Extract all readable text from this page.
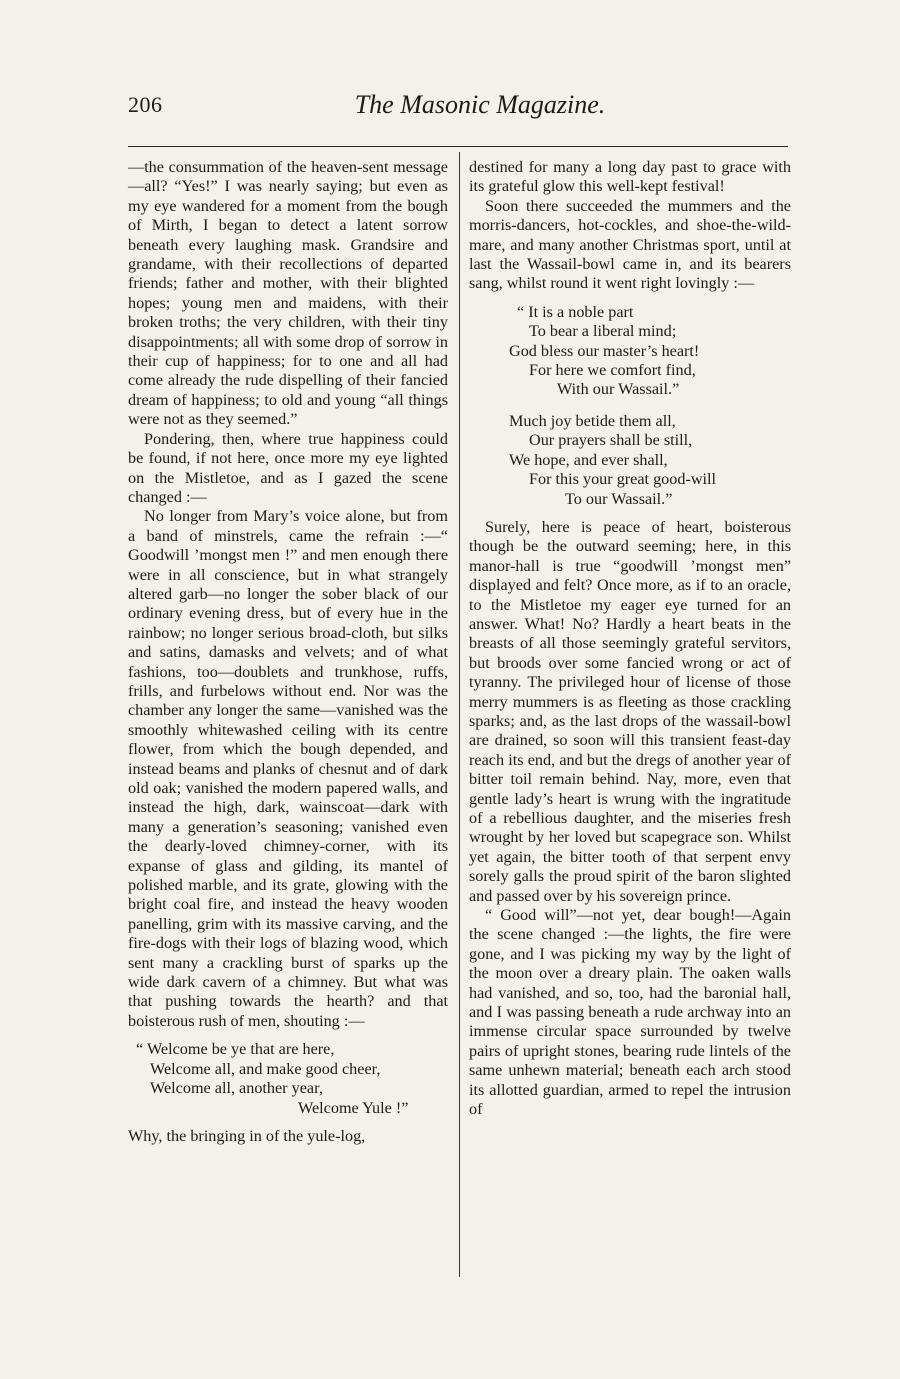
206	The Masonic Magazine.

—the consummation of the heaven-sent message—all? “Yes!” I was nearly saying; but even as my eye wandered for a moment from the bough of Mirth, I began to detect a latent sorrow beneath every laughing mask. Grandsire and grandame, with their recollections of departed friends; father and mother, with their blighted hopes; young men and maidens, with their broken troths; the very children, with their tiny disappointments; all with some drop of sorrow in their cup of happiness; for to one and all had come already the rude dispelling of their fancied dream of happiness; to old and young “all things were not as they seemed.”

Pondering, then, where true happiness could be found, if not here, once more my eye lighted on the Mistletoe, and as I gazed the scene changed :—

No longer from Mary’s voice alone, but from a band of minstrels, came the refrain :—“ Goodwill ’mongst men !” and men enough there were in all conscience, but in what strangely altered garb—no longer the sober black of our ordinary evening dress, but of every hue in the rainbow; no longer serious broad-cloth, but silks and satins, damasks and velvets; and of what fashions, too—doublets and trunkhose, ruffs, frills, and furbelows without end. Nor was the chamber any longer the same—vanished was the smoothly whitewashed ceiling with its centre flower, from which the bough depended, and instead beams and planks of chesnut and of dark old oak; vanished the modern papered walls, and instead the high, dark, wainscoat—dark with many a generation’s seasoning; vanished even the dearly-loved chimney-corner, with its expanse of glass and gilding, its mantel of polished marble, and its grate, glowing with the bright coal fire, and instead the heavy wooden panelling, grim with its massive carving, and the fire-dogs with their logs of blazing wood, which sent many a crackling burst of sparks up the wide dark cavern of a chimney. But what was that pushing towards the hearth? and that boisterous rush of men, shouting :—

“ Welcome be ye that are here,
Welcome all, and make good cheer,
Welcome all, another year,
Welcome Yule !”

Why, the bringing in of the yule-log,

destined for many a long day past to grace with its grateful glow this well-kept festival!

Soon there succeeded the mummers and the morris-dancers, hot-cockles, and shoe-the-wild-mare, and many another Christmas sport, until at last the Wassail-bowl came in, and its bearers sang, whilst round it went right lovingly :—

“ It is a noble part
To bear a liberal mind;
God bless our master’s heart!
For here we comfort find,
With our Wassail.”
Much joy betide them all,
Our prayers shall be still,
We hope, and ever shall,
For this your great good-will
To our Wassail.”

Surely, here is peace of heart, boisterous though be the outward seeming; here, in this manor-hall is true “goodwill ’mongst men” displayed and felt? Once more, as if to an oracle, to the Mistletoe my eager eye turned for an answer. What! No? Hardly a heart beats in the breasts of all those seemingly grateful servitors, but broods over some fancied wrong or act of tyranny. The privileged hour of license of those merry mummers is as fleeting as those crackling sparks; and, as the last drops of the wassail-bowl are drained, so soon will this transient feast-day reach its end, and but the dregs of another year of bitter toil remain behind. Nay, more, even that gentle lady’s heart is wrung with the ingratitude of a rebellious daughter, and the miseries fresh wrought by her loved but scapegrace son. Whilst yet again, the bitter tooth of that serpent envy sorely galls the proud spirit of the baron slighted and passed over by his sovereign prince.

“ Good will”—not yet, dear bough!—Again the scene changed :—the lights, the fire were gone, and I was picking my way by the light of the moon over a dreary plain. The oaken walls had vanished, and so, too, had the baronial hall, and I was passing beneath a rude archway into an immense circular space surrounded by twelve pairs of upright stones, bearing rude lintels of the same unhewn material; beneath each arch stood its allotted guardian, armed to repel the intrusion of
